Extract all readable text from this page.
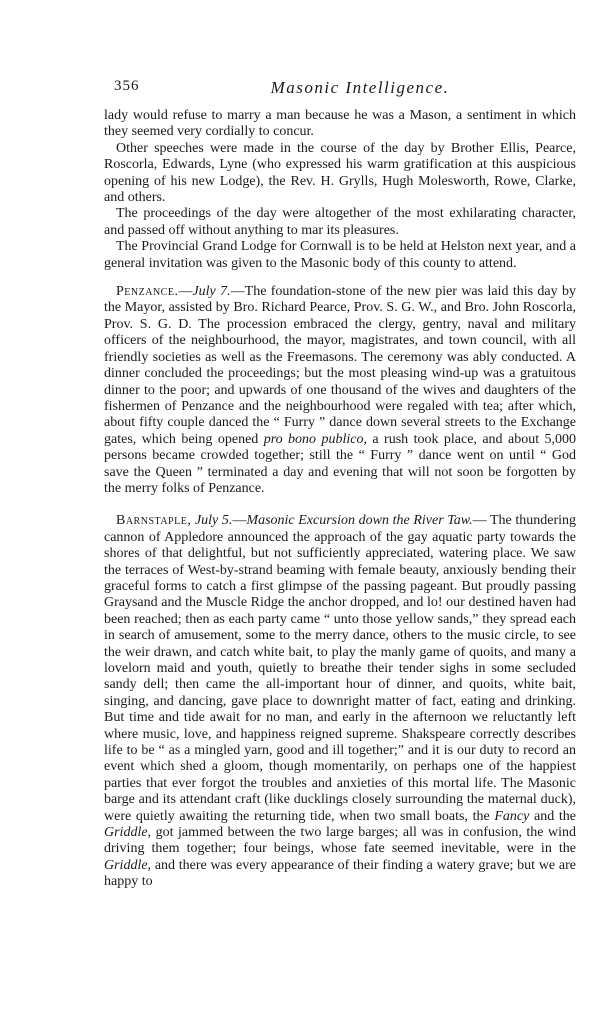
356	Masonic Intelligence.

lady would refuse to marry a man because he was a Mason, a sentiment in which they seemed very cordially to concur.

Other speeches were made in the course of the day by Brother Ellis, Pearce, Roscorla, Edwards, Lyne (who expressed his warm gratification at this auspicious opening of his new Lodge), the Rev. H. Grylls, Hugh Molesworth, Rowe, Clarke, and others.

The proceedings of the day were altogether of the most exhilarating character, and passed off without anything to mar its pleasures.

The Provincial Grand Lodge for Cornwall is to be held at Helston next year, and a general invitation was given to the Masonic body of this county to attend.

Penzance.—July 7.—The foundation-stone of the new pier was laid this day by the Mayor, assisted by Bro. Richard Pearce, Prov. S. G. W., and Bro. John Roscorla, Prov. S. G. D. The procession embraced the clergy, gentry, naval and military officers of the neighbourhood, the mayor, magistrates, and town council, with all friendly societies as well as the Freemasons. The ceremony was ably conducted. A dinner concluded the proceedings; but the most pleasing wind-up was a gratuitous dinner to the poor; and upwards of one thousand of the wives and daughters of the fishermen of Penzance and the neighbourhood were regaled with tea; after which, about fifty couple danced the “ Furry ” dance down several streets to the Exchange gates, which being opened pro bono publico, a rush took place, and about 5,000 persons became crowded together; still the “ Furry ” dance went on until “ God save the Queen ” terminated a day and evening that will not soon be forgotten by the merry folks of Penzance.

Barnstaple, July 5.—Masonic Excursion down the River Taw.— The thundering cannon of Appledore announced the approach of the gay aquatic party towards the shores of that delightful, but not sufficiently appreciated, watering place. We saw the terraces of West-by-strand beaming with female beauty, anxiously bending their graceful forms to catch a first glimpse of the passing pageant. But proudly passing Graysand and the Muscle Ridge the anchor dropped, and lo! our destined haven had been reached; then as each party came “ unto those yellow sands,” they spread each in search of amusement, some to the merry dance, others to the music circle, to see the weir drawn, and catch white bait, to play the manly game of quoits, and many a lovelorn maid and youth, quietly to breathe their tender sighs in some secluded sandy dell; then came the all-important hour of dinner, and quoits, white bait, singing, and dancing, gave place to downright matter of fact, eating and drinking. But time and tide await for no man, and early in the afternoon we reluctantly left where music, love, and happiness reigned supreme. Shakspeare correctly describes life to be “ as a mingled yarn, good and ill together;” and it is our duty to record an event which shed a gloom, though momentarily, on perhaps one of the happiest parties that ever forgot the troubles and anxieties of this mortal life. The Masonic barge and its attendant craft (like ducklings closely surrounding the maternal duck), were quietly awaiting the returning tide, when two small boats, the Fancy and the Griddle, got jammed between the two large barges; all was in confusion, the wind driving them together; four beings, whose fate seemed inevitable, were in the Griddle, and there was every appearance of their finding a watery grave; but we are happy to
